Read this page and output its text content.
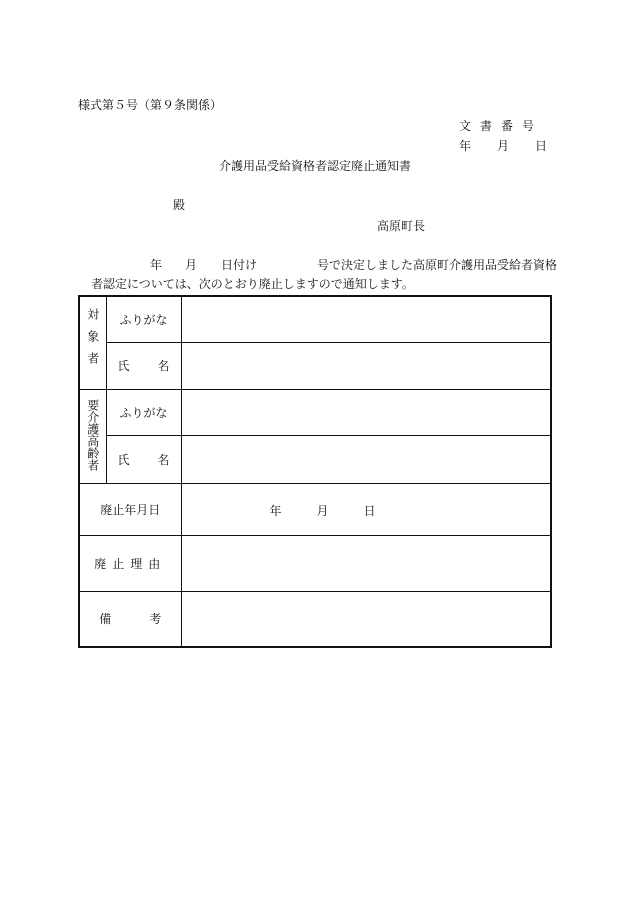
様式第５号（第９条関係）
文書番号
年 月 日
介護用品受給資格者認定廃止通知書
殿
高原町長
年 月 日付け	号で決定しました高原町介護用品受給者資格
者認定については、次のとおり廃止しますので通知します。
対象者	ふりがな	
	氏 名	
要介護高齢者	ふりがな	
	氏 名	
廃止年月日		年 月 日

廃止理由		
備 考		
